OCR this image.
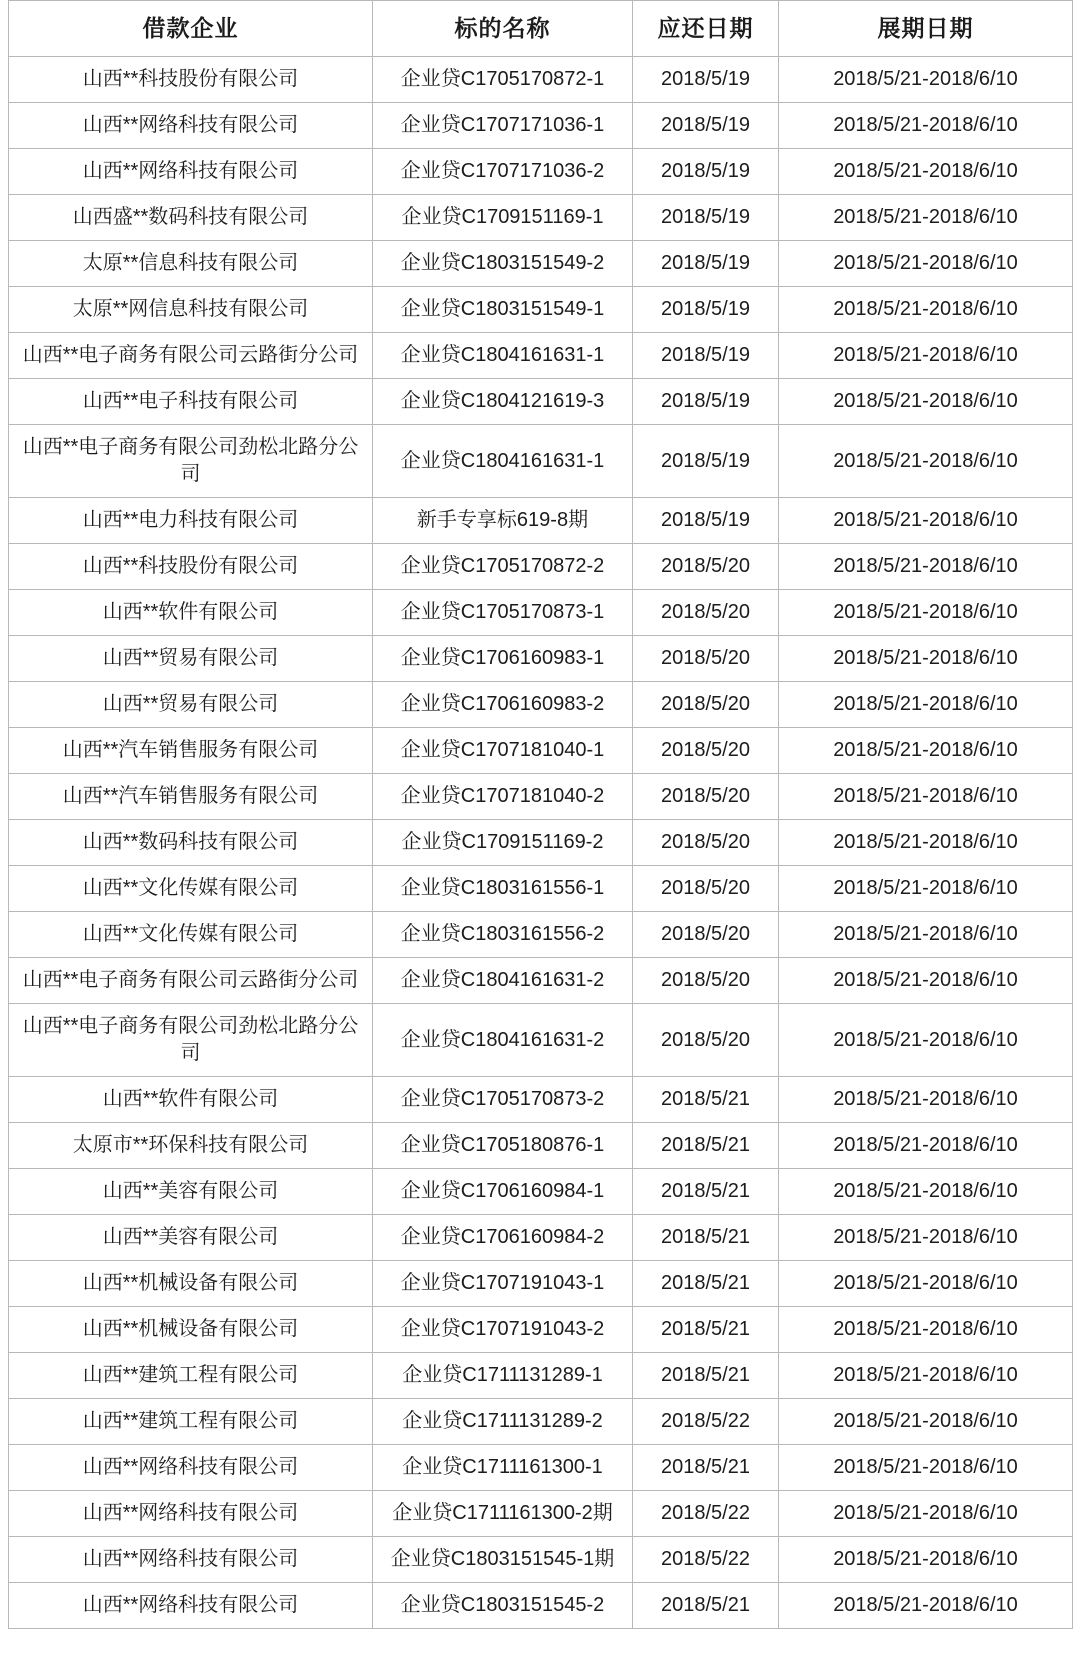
借款企业	标的名称	应还日期	展期日期
山西**科技股份有限公司	企业贷C1705170872-1	2018/5/19	2018/5/21-2018/6/10
山西**网络科技有限公司	企业贷C1707171036-1	2018/5/19	2018/5/21-2018/6/10
山西**网络科技有限公司	企业贷C1707171036-2	2018/5/19	2018/5/21-2018/6/10
山西盛**数码科技有限公司	企业贷C1709151169-1	2018/5/19	2018/5/21-2018/6/10
太原**信息科技有限公司	企业贷C1803151549-2	2018/5/19	2018/5/21-2018/6/10
太原**网信息科技有限公司	企业贷C1803151549-1	2018/5/19	2018/5/21-2018/6/10
山西**电子商务有限公司云路街分公司	企业贷C1804161631-1	2018/5/19	2018/5/21-2018/6/10
山西**电子科技有限公司	企业贷C1804121619-3	2018/5/19	2018/5/21-2018/6/10
山西**电子商务有限公司劲松北路分公司	企业贷C1804161631-1	2018/5/19	2018/5/21-2018/6/10
山西**电力科技有限公司	新手专享标619-8期	2018/5/19	2018/5/21-2018/6/10
山西**科技股份有限公司	企业贷C1705170872-2	2018/5/20	2018/5/21-2018/6/10
山西**软件有限公司	企业贷C1705170873-1	2018/5/20	2018/5/21-2018/6/10
山西**贸易有限公司	企业贷C1706160983-1	2018/5/20	2018/5/21-2018/6/10
山西**贸易有限公司	企业贷C1706160983-2	2018/5/20	2018/5/21-2018/6/10
山西**汽车销售服务有限公司	企业贷C1707181040-1	2018/5/20	2018/5/21-2018/6/10
山西**汽车销售服务有限公司	企业贷C1707181040-2	2018/5/20	2018/5/21-2018/6/10
山西**数码科技有限公司	企业贷C1709151169-2	2018/5/20	2018/5/21-2018/6/10
山西**文化传媒有限公司	企业贷C1803161556-1	2018/5/20	2018/5/21-2018/6/10
山西**文化传媒有限公司	企业贷C1803161556-2	2018/5/20	2018/5/21-2018/6/10
山西**电子商务有限公司云路街分公司	企业贷C1804161631-2	2018/5/20	2018/5/21-2018/6/10
山西**电子商务有限公司劲松北路分公司	企业贷C1804161631-2	2018/5/20	2018/5/21-2018/6/10
山西**软件有限公司	企业贷C1705170873-2	2018/5/21	2018/5/21-2018/6/10
太原市**环保科技有限公司	企业贷C1705180876-1	2018/5/21	2018/5/21-2018/6/10
山西**美容有限公司	企业贷C1706160984-1	2018/5/21	2018/5/21-2018/6/10
山西**美容有限公司	企业贷C1706160984-2	2018/5/21	2018/5/21-2018/6/10
山西**机械设备有限公司	企业贷C1707191043-1	2018/5/21	2018/5/21-2018/6/10
山西**机械设备有限公司	企业贷C1707191043-2	2018/5/21	2018/5/21-2018/6/10
山西**建筑工程有限公司	企业贷C1711131289-1	2018/5/21	2018/5/21-2018/6/10
山西**建筑工程有限公司	企业贷C1711131289-2	2018/5/22	2018/5/21-2018/6/10
山西**网络科技有限公司	企业贷C1711161300-1	2018/5/21	2018/5/21-2018/6/10
山西**网络科技有限公司	企业贷C1711161300-2期	2018/5/22	2018/5/21-2018/6/10
山西**网络科技有限公司	企业贷C1803151545-1期	2018/5/22	2018/5/21-2018/6/10
山西**网络科技有限公司	企业贷C1803151545-2	2018/5/21	2018/5/21-2018/6/10
